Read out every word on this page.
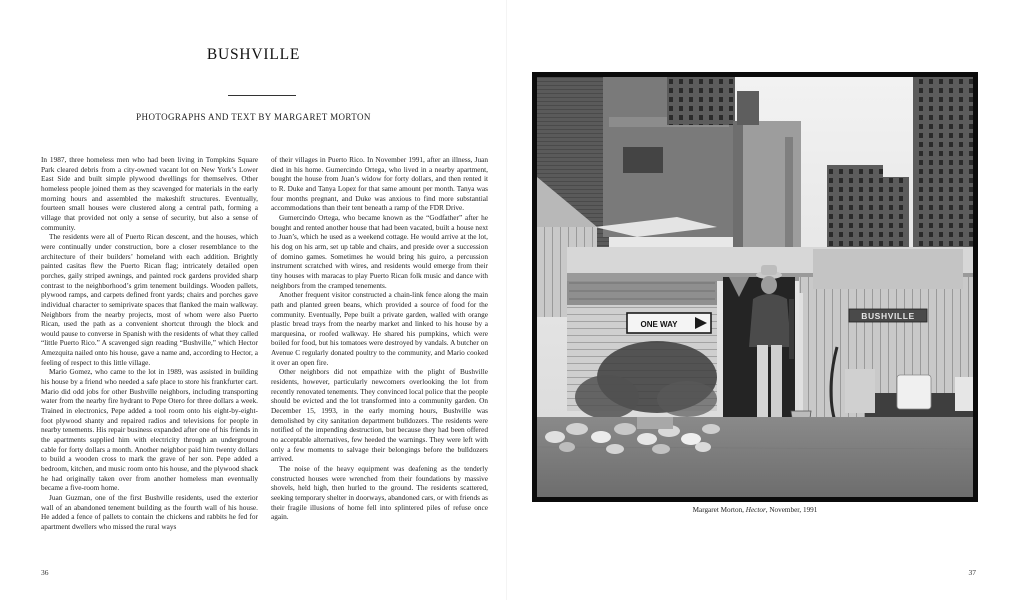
BUSHVILLE
PHOTOGRAPHS AND TEXT BY MARGARET MORTON

In 1987, three homeless men who had been living in Tompkins Square Park cleared debris from a city-owned vacant lot on New York’s Lower East Side and built simple plywood dwellings for themselves. Other homeless people joined them as they scavenged for materials in the early morning hours and assembled the makeshift structures. Eventually, fourteen small houses were clustered along a central path, forming a village that provided not only a sense of security, but also a sense of community.

The residents were all of Puerto Rican descent, and the houses, which were continually under construction, bore a closer resemblance to the architecture of their builders’ homeland with each addition. Brightly painted casitas flew the Puerto Rican flag; intricately detailed open porches, gaily striped awnings, and painted rock gardens provided sharp contrast to the neighborhood’s grim tenement buildings. Wooden pallets, plywood ramps, and carpets defined front yards; chairs and porches gave individual character to semiprivate spaces that flanked the main walkway. Neighbors from the nearby projects, most of whom were also Puerto Rican, used the path as a convenient shortcut through the block and would pause to converse in Spanish with the residents of what they called “little Puerto Rico.” A scavenged sign reading “Bushville,” which Hector Amezquita nailed onto his house, gave a name and, according to Hector, a feeling of respect to this little village.

Mario Gomez, who came to the lot in 1989, was assisted in building his house by a friend who needed a safe place to store his frankfurter cart. Mario did odd jobs for other Bushville neighbors, including transporting water from the nearby fire hydrant to Pepe Otero for three dollars a week. Trained in electronics, Pepe added a tool room onto his eight-by-eight-foot plywood shanty and repaired radios and televisions for people in nearby tenements. His repair business expanded after one of his friends in the apartments supplied him with electricity through an underground cable for forty dollars a month. Another neighbor paid him twenty dollars to build a wooden cross to mark the grave of her son. Pepe added a bedroom, kitchen, and music room onto his house, and the plywood shack he had originally taken over from another homeless man eventually became a five-room home.

Juan Guzman, one of the first Bushville residents, used the exterior wall of an abandoned tenement building as the fourth wall of his house. He added a fence of pallets to contain the chickens and rabbits he fed for apartment dwellers who missed the rural ways

of their villages in Puerto Rico. In November 1991, after an illness, Juan died in his home. Gumercindo Ortega, who lived in a nearby apartment, bought the house from Juan’s widow for forty dollars, and then rented it to R. Duke and Tanya Lopez for that same amount per month. Tanya was four months pregnant, and Duke was anxious to find more substantial accommodations than their tent beneath a ramp of the FDR Drive.

Gumercindo Ortega, who became known as the “Godfather” after he bought and rented another house that had been vacated, built a house next to Juan’s, which he used as a weekend cottage. He would arrive at the lot, his dog on his arm, set up table and chairs, and preside over a succession of domino games. Sometimes he would bring his guiro, a percussion instrument scratched with wires, and residents would emerge from their tiny houses with maracas to play Puerto Rican folk music and dance with neighbors from the cramped tenements.

Another frequent visitor constructed a chain-link fence along the main path and planted green beans, which provided a source of food for the community. Eventually, Pepe built a private garden, walled with orange plastic bread trays from the nearby market and linked to his house by a marquesina, or roofed walkway. He shared his pumpkins, which were boiled for food, but his tomatoes were destroyed by vandals. A butcher on Avenue C regularly donated poultry to the community, and Mario cooked it over an open fire.

Other neighbors did not empathize with the plight of Bushville residents, however, particularly newcomers overlooking the lot from recently renovated tenements. They convinced local police that the people should be evicted and the lot transformed into a community garden. On December 15, 1993, in the early morning hours, Bushville was demolished by city sanitation department bulldozers. The residents were notified of the impending destruction, but because they had been offered no acceptable alternatives, few heeded the warnings. They were left with only a few moments to salvage their belongings before the bulldozers arrived.

The noise of the heavy equipment was deafening as the tenderly constructed houses were wrenched from their foundations by massive shovels, held high, then hurled to the ground. The residents scattered, seeking temporary shelter in doorways, abandoned cars, or with friends as their fragile illusions of home fell into splintered piles of refuse once again.

36
BUSHVILLE
ONE WAY
Margaret Morton, Hector, November, 1991
37
